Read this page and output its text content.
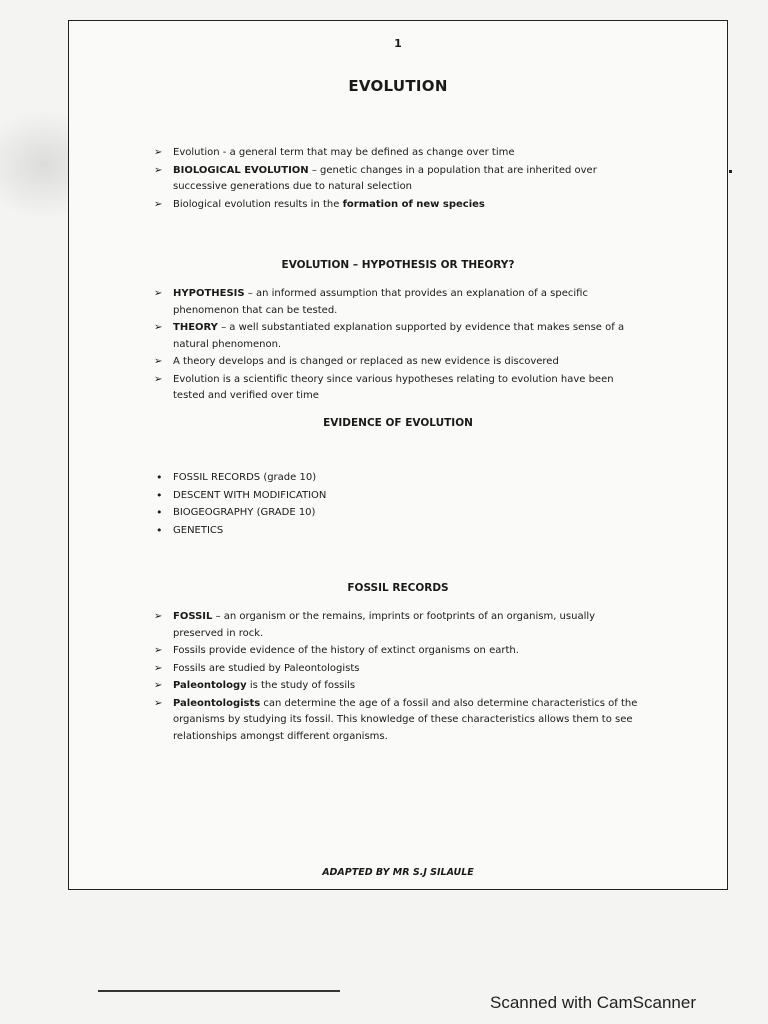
1
EVOLUTION
➢ Evolution - a general term that may be defined as change over time
➢ BIOLOGICAL EVOLUTION – genetic changes in a population that are inherited over successive generations due to natural selection
➢ Biological evolution results in the formation of new species
EVOLUTION – HYPOTHESIS OR THEORY?
➢ HYPOTHESIS – an informed assumption that provides an explanation of a specific phenomenon that can be tested.
➢ THEORY – a well substantiated explanation supported by evidence that makes sense of a natural phenomenon.
➢ A theory develops and is changed or replaced as new evidence is discovered
➢ Evolution is a scientific theory since various hypotheses relating to evolution have been tested and verified over time
EVIDENCE OF EVOLUTION
• FOSSIL RECORDS (grade 10)
• DESCENT WITH MODIFICATION
• BIOGEOGRAPHY (GRADE 10)
• GENETICS
FOSSIL RECORDS
➢ FOSSIL – an organism or the remains, imprints or footprints of an organism, usually preserved in rock.
➢ Fossils provide evidence of the history of extinct organisms on earth.
➢ Fossils are studied by Paleontologists
➢ Paleontology is the study of fossils
➢ Paleontologists can determine the age of a fossil and also determine characteristics of the organisms by studying its fossil. This knowledge of these characteristics allows them to see relationships amongst different organisms.
ADAPTED BY MR S.J SILAULE
Scanned with CamScanner
